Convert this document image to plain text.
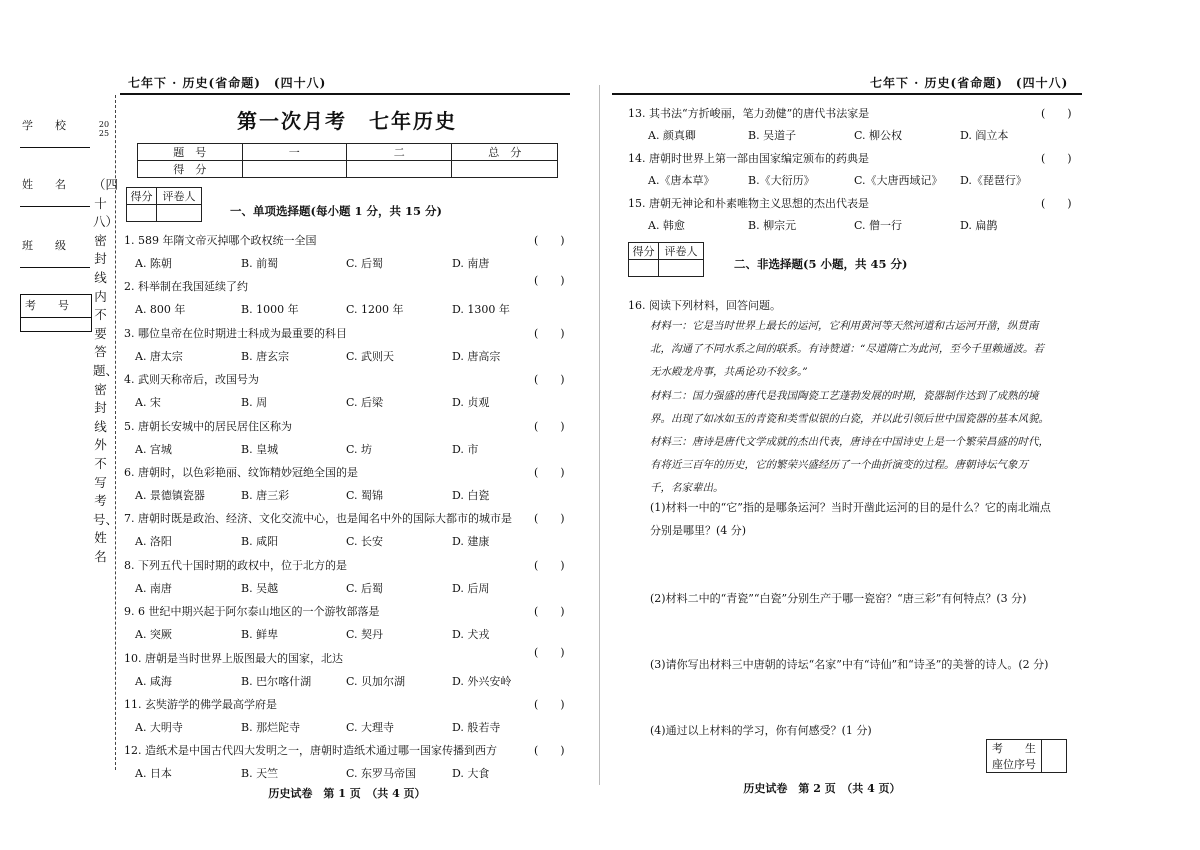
学　　校
姓　　名
班　　级
考　　号
2025
（四十八）密封线内不要答题、密封线外不写考号、姓名
七年下 · 历史(省命题)　(四十八)
第一次月考　七年历史
题　号	一	二	总　分
得　分			
得分	评卷人

一、单项选择题(每小题 1 分，共 15 分)
1. 589 年隋文帝灭掉哪个政权统一全国	(　　)
A. 陈朝	B. 前蜀	C. 后蜀	D. 南唐
2. 科举制在我国延续了约	(　　)
A. 800 年	B. 1000 年	C. 1200 年	D. 1300 年
3. 哪位皇帝在位时期进士科成为最重要的科目	(　　)
A. 唐太宗	B. 唐玄宗	C. 武则天	D. 唐高宗
4. 武则天称帝后，改国号为	(　　)
A. 宋	B. 周	C. 后梁	D. 贞观
5. 唐朝长安城中的居民居住区称为	(　　)
A. 宫城	B. 皇城	C. 坊	D. 市
6. 唐朝时，以色彩艳丽、纹饰精妙冠绝全国的是	(　　)
A. 景德镇瓷器	B. 唐三彩	C. 蜀锦	D. 白瓷
7. 唐朝时既是政治、经济、文化交流中心，也是闻名中外的国际大都市的城市是 (　　)
A. 洛阳	B. 咸阳	C. 长安	D. 建康
8. 下列五代十国时期的政权中，位于北方的是	(　　)
A. 南唐	B. 吴越	C. 后蜀	D. 后周
9. 6 世纪中期兴起于阿尔泰山地区的一个游牧部落是	(　　)
A. 突厥	B. 鲜卑	C. 契丹	D. 犬戎
10. 唐朝是当时世界上版图最大的国家，北达	(　　)
A. 咸海	B. 巴尔喀什湖	C. 贝加尔湖	D. 外兴安岭
11. 玄奘游学的佛学最高学府是	(　　)
A. 大明寺	B. 那烂陀寺	C. 大理寺	D. 般若寺
12. 造纸术是中国古代四大发明之一，唐朝时造纸术通过哪一国家传播到西方	(　　)
A. 日本	B. 天竺	C. 东罗马帝国	D. 大食
历史试卷　第 1 页　（共 4 页）
七年下 · 历史(省命题)　(四十八)
13. 其书法“方折峻丽，笔力劲健”的唐代书法家是	(　　)
A. 颜真卿	B. 吴道子	C. 柳公权	D. 阎立本
14. 唐朝时世界上第一部由国家编定颁布的药典是	(　　)
A.《唐本草》	B.《大衍历》	C.《大唐西域记》 D.《琵琶行》
15. 唐朝无神论和朴素唯物主义思想的杰出代表是	(　　)
A. 韩愈	B. 柳宗元	C. 僧一行	D. 扁鹊
得分	评卷人

二、非选择题(5 小题，共 45 分)
16. 阅读下列材料，回答问题。
材料一：它是当时世界上最长的运河，它利用黄河等天然河道和古运河开凿，纵贯南
北，沟通了不同水系之间的联系。有诗赞道：“尽道隋亡为此河，至今千里赖通波。若
无水殿龙舟事，共禹论功不较多。”
材料二：国力强盛的唐代是我国陶瓷工艺蓬勃发展的时期，瓷器制作达到了成熟的境
界。出现了如冰如玉的青瓷和类雪似银的白瓷，并以此引领后世中国瓷器的基本风貌。
材料三：唐诗是唐代文学成就的杰出代表，唐诗在中国诗史上是一个繁荣昌盛的时代，
有将近三百年的历史，它的繁荣兴盛经历了一个曲折演变的过程。唐朝诗坛气象万
千，名家辈出。
(1)材料一中的“它”指的是哪条运河？当时开凿此运河的目的是什么？它的南北端点
分别是哪里？(4 分)
(2)材料二中的“青瓷”“白瓷”分别生产于哪一瓷窑？“唐三彩”有何特点？(3 分)
(3)请你写出材料三中唐朝的诗坛“名家”中有“诗仙”和“诗圣”的美誉的诗人。(2 分)
(4)通过以上材料的学习，你有何感受？(1 分)
考　　生	
座位序号
历史试卷　第 2 页　（共 4 页）
